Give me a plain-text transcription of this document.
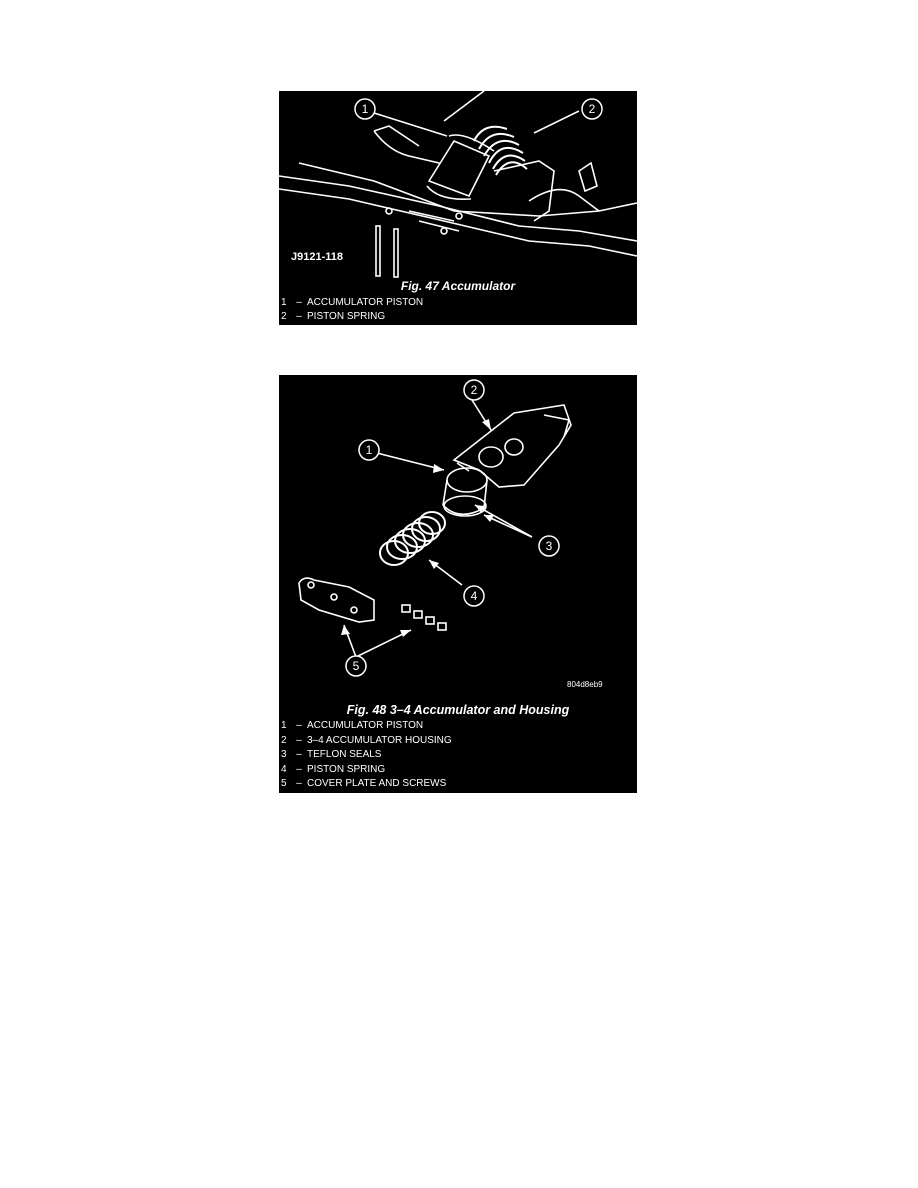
1	2
J9121-118
Fig. 47 Accumulator
1 – ACCUMULATOR PISTON
2 – PISTON SPRING
1
2
3
4
5
804d8eb9
Fig. 48 3–4 Accumulator and Housing
1 – ACCUMULATOR PISTON
2 – 3–4 ACCUMULATOR HOUSING
3 – TEFLON SEALS
4 – PISTON SPRING
5 – COVER PLATE AND SCREWS
